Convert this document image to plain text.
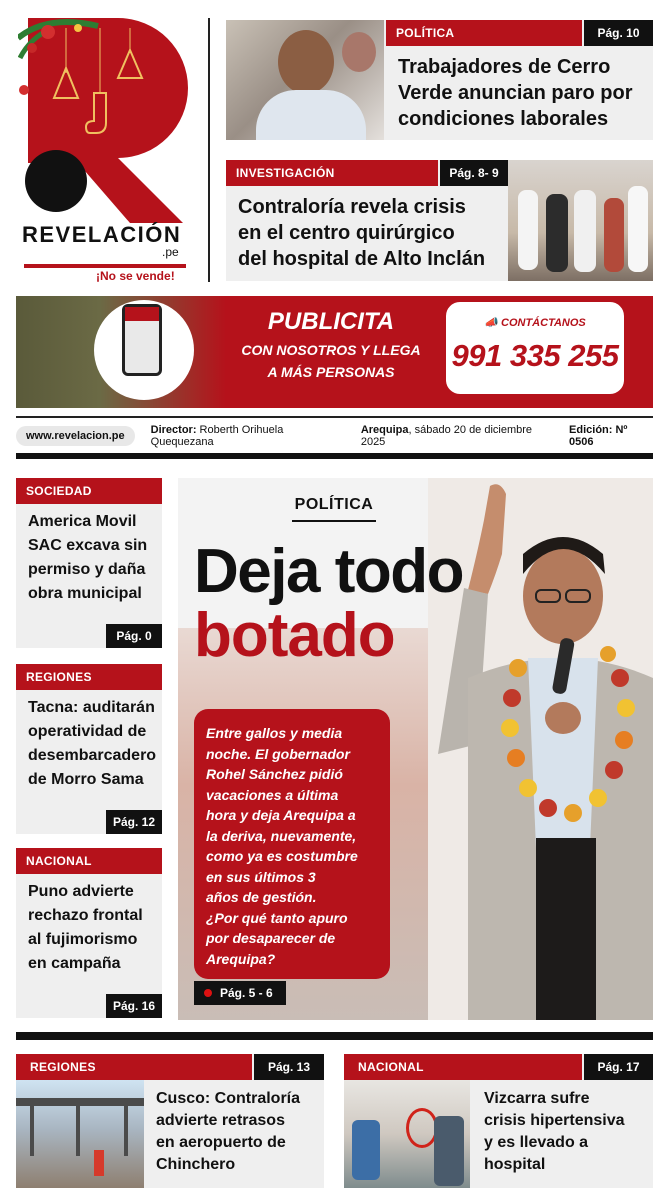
REVELACIÓN
.pe
¡No se vende!
POLÍTICA	Pág. 10
Trabajadores de Cerro
Verde anuncian paro por
condiciones laborales
INVESTIGACIÓN	Pág. 8- 9
Contraloría revela crisis
en el centro quirúrgico
del hospital de Alto Inclán
PUBLICITA
CON NOSOTROS Y LLEGA
A MÁS PERSONAS
📣 CONTÁCTANOS
991 335 255
www.revelacion.pe	Director: Roberth Orihuela Quequezana
Arequipa, sábado 20 de diciembre 2025
Edición: Nº 0506
SOCIEDAD
America Movil
SAC excava sin
permiso y daña
obra municipal
Pág. 0
REGIONES
Tacna: auditarán
operatividad de
desembarcadero
de Morro Sama
Pág. 12
NACIONAL
Puno advierte
rechazo frontal
al fujimorismo
en campaña
Pág. 16
POLÍTICA
Deja todo
botado
Entre gallos y media
noche. El gobernador
Rohel Sánchez pidió
vacaciones a última
hora y deja Arequipa a
la deriva, nuevamente,
como ya es costumbre
en sus últimos 3
años de gestión.
¿Por qué tanto apuro
por desaparecer de
Arequipa?
Pág. 5 - 6
REGIONES	Pág. 13
Cusco: Contraloría
advierte retrasos
en aeropuerto de
Chinchero
NACIONAL	Pág. 17
Vizcarra sufre
crisis hipertensiva
y es llevado a
hospital
